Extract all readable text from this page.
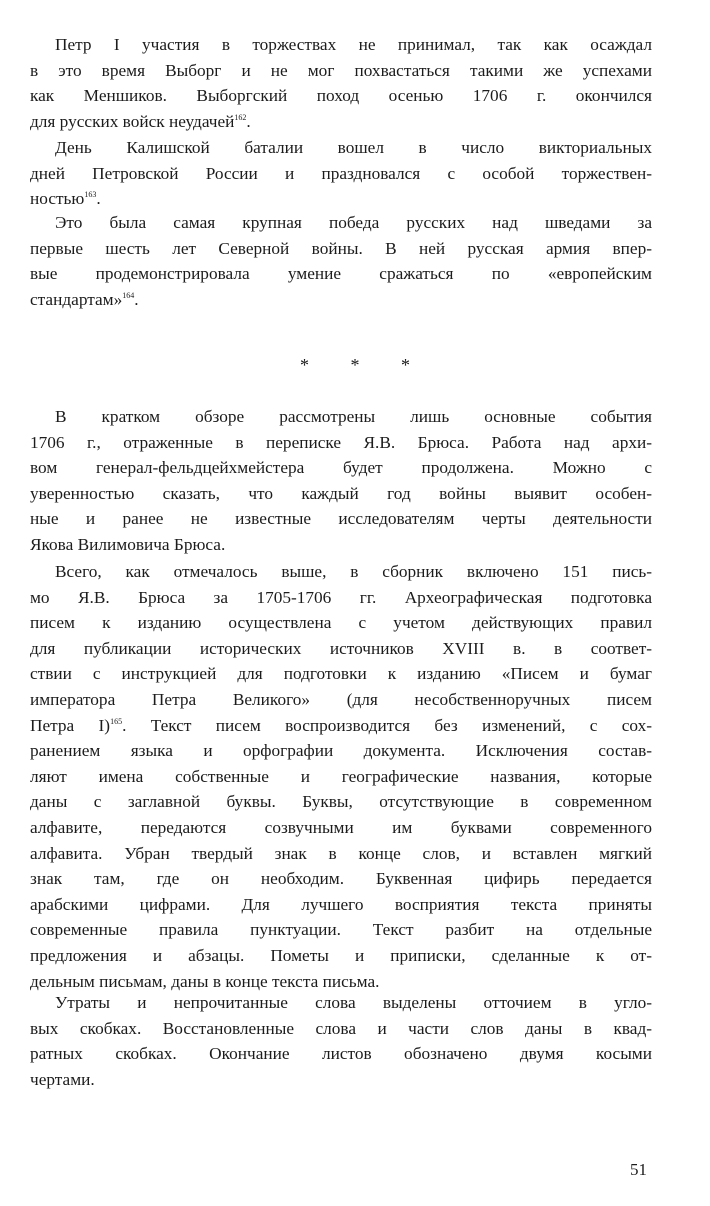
Петр I участия в торжествах не принимал, так как осаждал
в это время Выборг и не мог похвастаться такими же успехами
как Меншиков. Выборгский поход осенью 1706 г. окончился
для русских войск неудачей$^{162}$.
День Калишской баталии вошел в число викториальных
дней Петровской России и праздновался с особой торжествен-
ностью$^{163}$.
Это была самая крупная победа русских над шведами за
первые шесть лет Северной войны. В ней русская армия впер-
вые продемонстрировала умение сражаться по «европейским
стандартам»$^{164}$.
* * *
В кратком обзоре рассмотрены лишь основные события
1706 г., отраженные в переписке Я.В. Брюса. Работа над архи-
вом генерал-фельдцейхмейстера будет продолжена. Можно с
уверенностью сказать, что каждый год войны выявит особен-
ные и ранее не известные исследователям черты деятельности
Якова Вилимовича Брюса.
Всего, как отмечалось выше, в сборник включено 151 пись-
мо Я.В. Брюса за 1705-1706 гг. Археографическая подготовка
писем к изданию осуществлена с учетом действующих правил
для публикации исторических источников XVIII в. в соответ-
ствии с инструкцией для подготовки к изданию «Писем и бумаг
императора Петра Великого» (для несобственноручных писем
Петра I)$^{165}$. Текст писем воспроизводится без изменений, с сох-
ранением языка и орфографии документа. Исключения состав-
ляют имена собственные и географические названия, которые
даны с заглавной буквы. Буквы, отсутствующие в современном
алфавите, передаются созвучными им буквами современного
алфавита. Убран твердый знак в конце слов, и вставлен мягкий
знак там, где он необходим. Буквенная цифирь передается
арабскими цифрами. Для лучшего восприятия текста приняты
современные правила пунктуации. Текст разбит на отдельные
предложения и абзацы. Пометы и приписки, сделанные к от-
дельным письмам, даны в конце текста письма.
Утраты и непрочитанные слова выделены отточием в угло-
вых скобках. Восстановленные слова и части слов даны в квад-
ратных скобках. Окончание листов обозначено двумя косыми
чертами.
51
